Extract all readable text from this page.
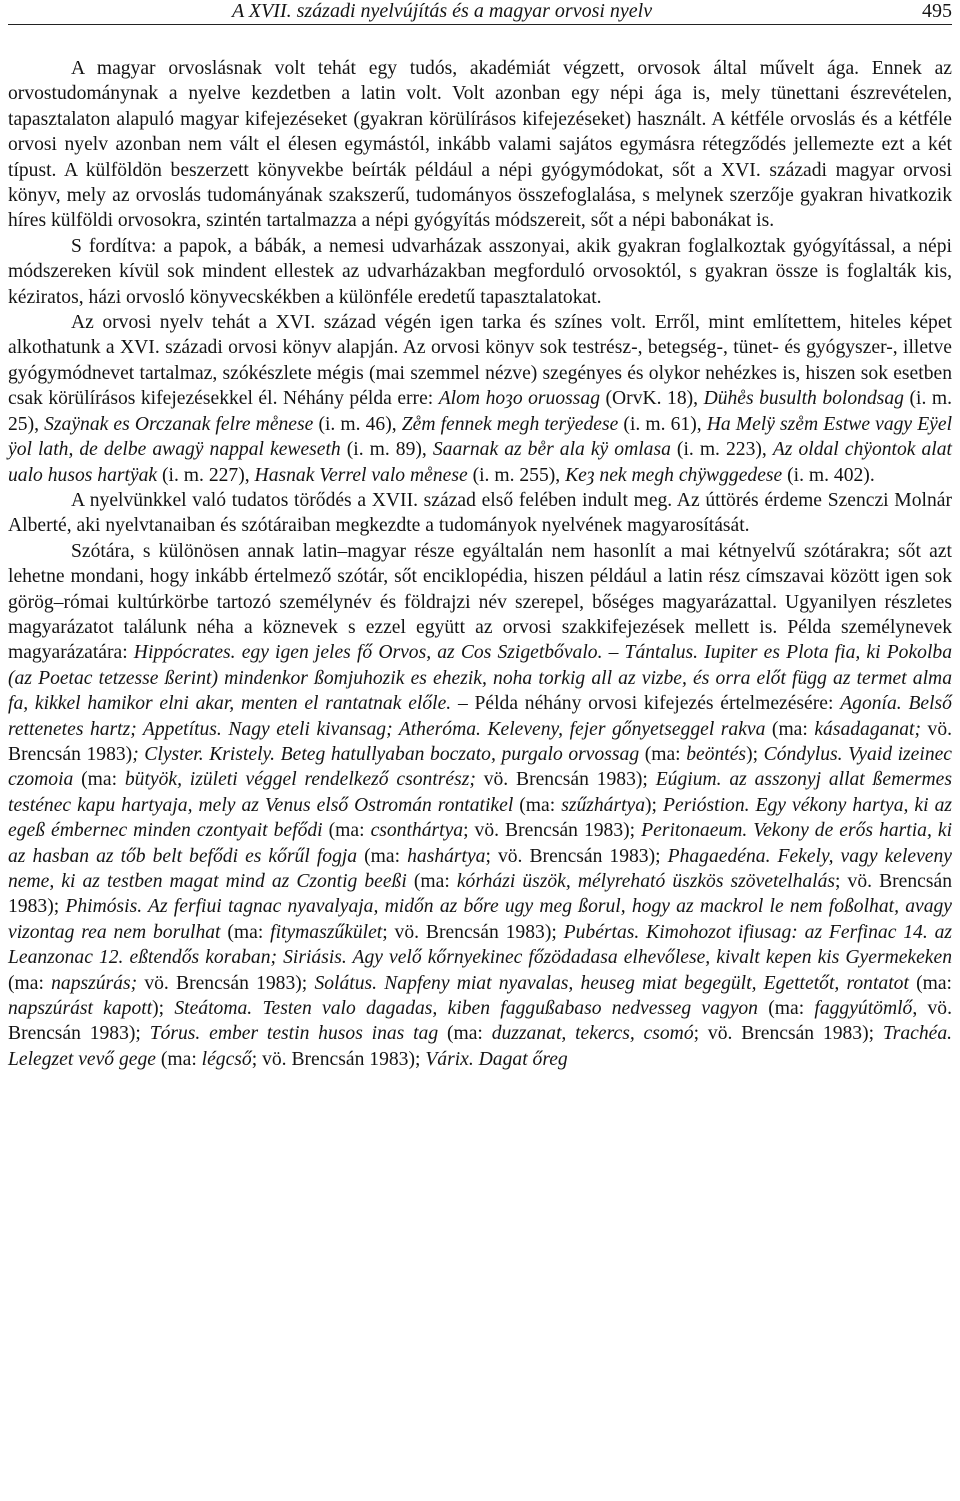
A XVII. századi nyelvújítás és a magyar orvosi nyelv	495

A magyar orvoslásnak volt tehát egy tudós, akadémiát végzett, orvosok által művelt ága. Ennek az orvostudománynak a nyelve kezdetben a latin volt. Volt azonban egy népi ága is, mely tünettani észrevételen, tapasztalaton alapuló magyar kifejezéseket (gyakran körülírásos kifejezéseket) használt. A kétféle orvoslás és a kétféle orvosi nyelv azonban nem vált el élesen egymástól, inkább valami sajátos egymásra rétegződés jellemezte ezt a két típust. A külföldön beszerzett könyvekbe beírták például a népi gyógymódokat, sőt a XVI. századi magyar orvosi könyv, mely az orvoslás tudományának szakszerű, tudományos összefoglalása, s melynek szerzője gyakran hivatkozik híres külföldi orvosokra, szintén tartalmazza a népi gyógyítás módszereit, sőt a népi babonákat is.

S fordítva: a papok, a bábák, a nemesi udvarházak asszonyai, akik gyakran foglalkoztak gyógyítással, a népi módszereken kívül sok mindent ellestek az udvarházakban megforduló orvosoktól, s gyakran össze is foglalták kis, kéziratos, házi orvosló könyvecskékben a különféle eredetű tapasztalatokat.

Az orvosi nyelv tehát a XVI. század végén igen tarka és színes volt. Erről, mint említettem, hiteles képet alkothatunk a XVI. századi orvosi könyv alapján. Az orvosi könyv sok testrész-, betegség-, tünet- és gyógyszer-, illetve gyógymódnevet tartalmaz, szókészlete mégis (mai szemmel nézve) szegényes és olykor nehézkes is, hiszen sok esetben csak körülírásos kifejezésekkel él. Néhány példa erre: Alom hoȝo oruossag (OrvK. 18), Dühe̊s busulth bolondsag (i. m. 25), Szaÿnak es Orczanak felre me̊nese (i. m. 46), Ze̊m fennek megh terÿedese (i. m. 61), Ha Melÿ sze̊m Estwe vagy Eÿel ÿol lath, de delbe awagÿ nappal keweseth (i. m. 89), Saarnak az be̊r ala kÿ omlasa (i. m. 223), Az oldal chÿontok alat ualo husos hartÿak (i. m. 227), Hasnak Verrel valo me̊nese (i. m. 255), Keȝ nek megh chÿwggedese (i. m. 402).

A nyelvünkkel való tudatos törődés a XVII. század első felében indult meg. Az úttörés érdeme Szenczi Molnár Alberté, aki nyelvtanaiban és szótáraiban megkezdte a tudományok nyelvének magyarosítását.

Szótára, s különösen annak latin–magyar része egyáltalán nem hasonlít a mai kétnyelvű szótárakra; sőt azt lehetne mondani, hogy inkább értelmező szótár, sőt enciklopédia, hiszen például a latin rész címszavai között igen sok görög–római kultúrkörbe tartozó személynév és földrajzi név szerepel, bőséges magyarázattal. Ugyanilyen részletes magyarázatot találunk néha a köznevek s ezzel együtt az orvosi szakkifejezések mellett is. Példa személynevek magyarázatára: Hippócrates. egy igen jeles fő Orvos, az Cos Szigetbővalo. – Tántalus. Iupiter es Plota fia, ki Pokolba (az Poetac tetzesse ßerint) mindenkor ßomjuhozik es ehezik, noha torkig all az vizbe, és orra előt függ az termet alma fa, kikkel hamikor elni akar, menten el rantatnak előle. – Példa néhány orvosi kifejezés értelmezésére: Agonía. Belső rettenetes hartz; Appetítus. Nagy eteli kivansag; Atheróma. Keleveny, fejer gőnyetseggel rakva (ma: kásadaganat; vö. Brencsán 1983); Clyster. Kristely. Beteg hatullyaban boczato, purgalo orvossag (ma: beöntés); Cóndylus. Vyaid izeinec czomoia (ma: bütyök, izületi véggel rendelkező csontrész; vö. Brencsán 1983); Eúgium. az asszonyj allat ßemermes testénec kapu hartyaja, mely az Venus első Ostromán rontatikel (ma: szűzhártya); Perióstion. Egy vékony hartya, ki az egeß émbernec minden czontyait befődi (ma: csonthártya; vö. Brencsán 1983); Peritonaeum. Vekony de erős hartia, ki az hasban az tőb belt befődi es kőrűl fogja (ma: hashártya; vö. Brencsán 1983); Phagaedéna. Fekely, vagy keleveny neme, ki az testben magat mind az Czontig beeßi (ma: kórházi üszök, mélyreható üszkös szövetelhalás; vö. Brencsán 1983); Phimósis. Az ferfiui tagnac nyavalyaja, midőn az bőre ugy meg ßorul, hogy az mackrol le nem foßolhat, avagy vizontag rea nem borulhat (ma: fitymaszűkület; vö. Brencsán 1983); Pubértas. Kimohozot ifiusag: az Ferfinac 14. az Leanzonac 12. eßtendős koraban; Siriásis. Agy velő kőrnyekinec főzödadasa elhevőlese, kivalt kepen kis Gyermekeken (ma: napszúrás; vö. Brencsán 1983); Solátus. Napfeny miat nyavalas, heuseg miat begegült, Egettetőt, rontatot (ma: napszúrást kapott); Steátoma. Testen valo dagadas, kiben faggußabaso nedvesseg vagyon (ma: faggyútömlő, vö. Brencsán 1983); Tórus. ember testin husos inas tag (ma: duzzanat, tekercs, csomó; vö. Brencsán 1983); Trachéa. Lelegzet vevő gege (ma: légcső; vö. Brencsán 1983); Várix. Dagat őreg
